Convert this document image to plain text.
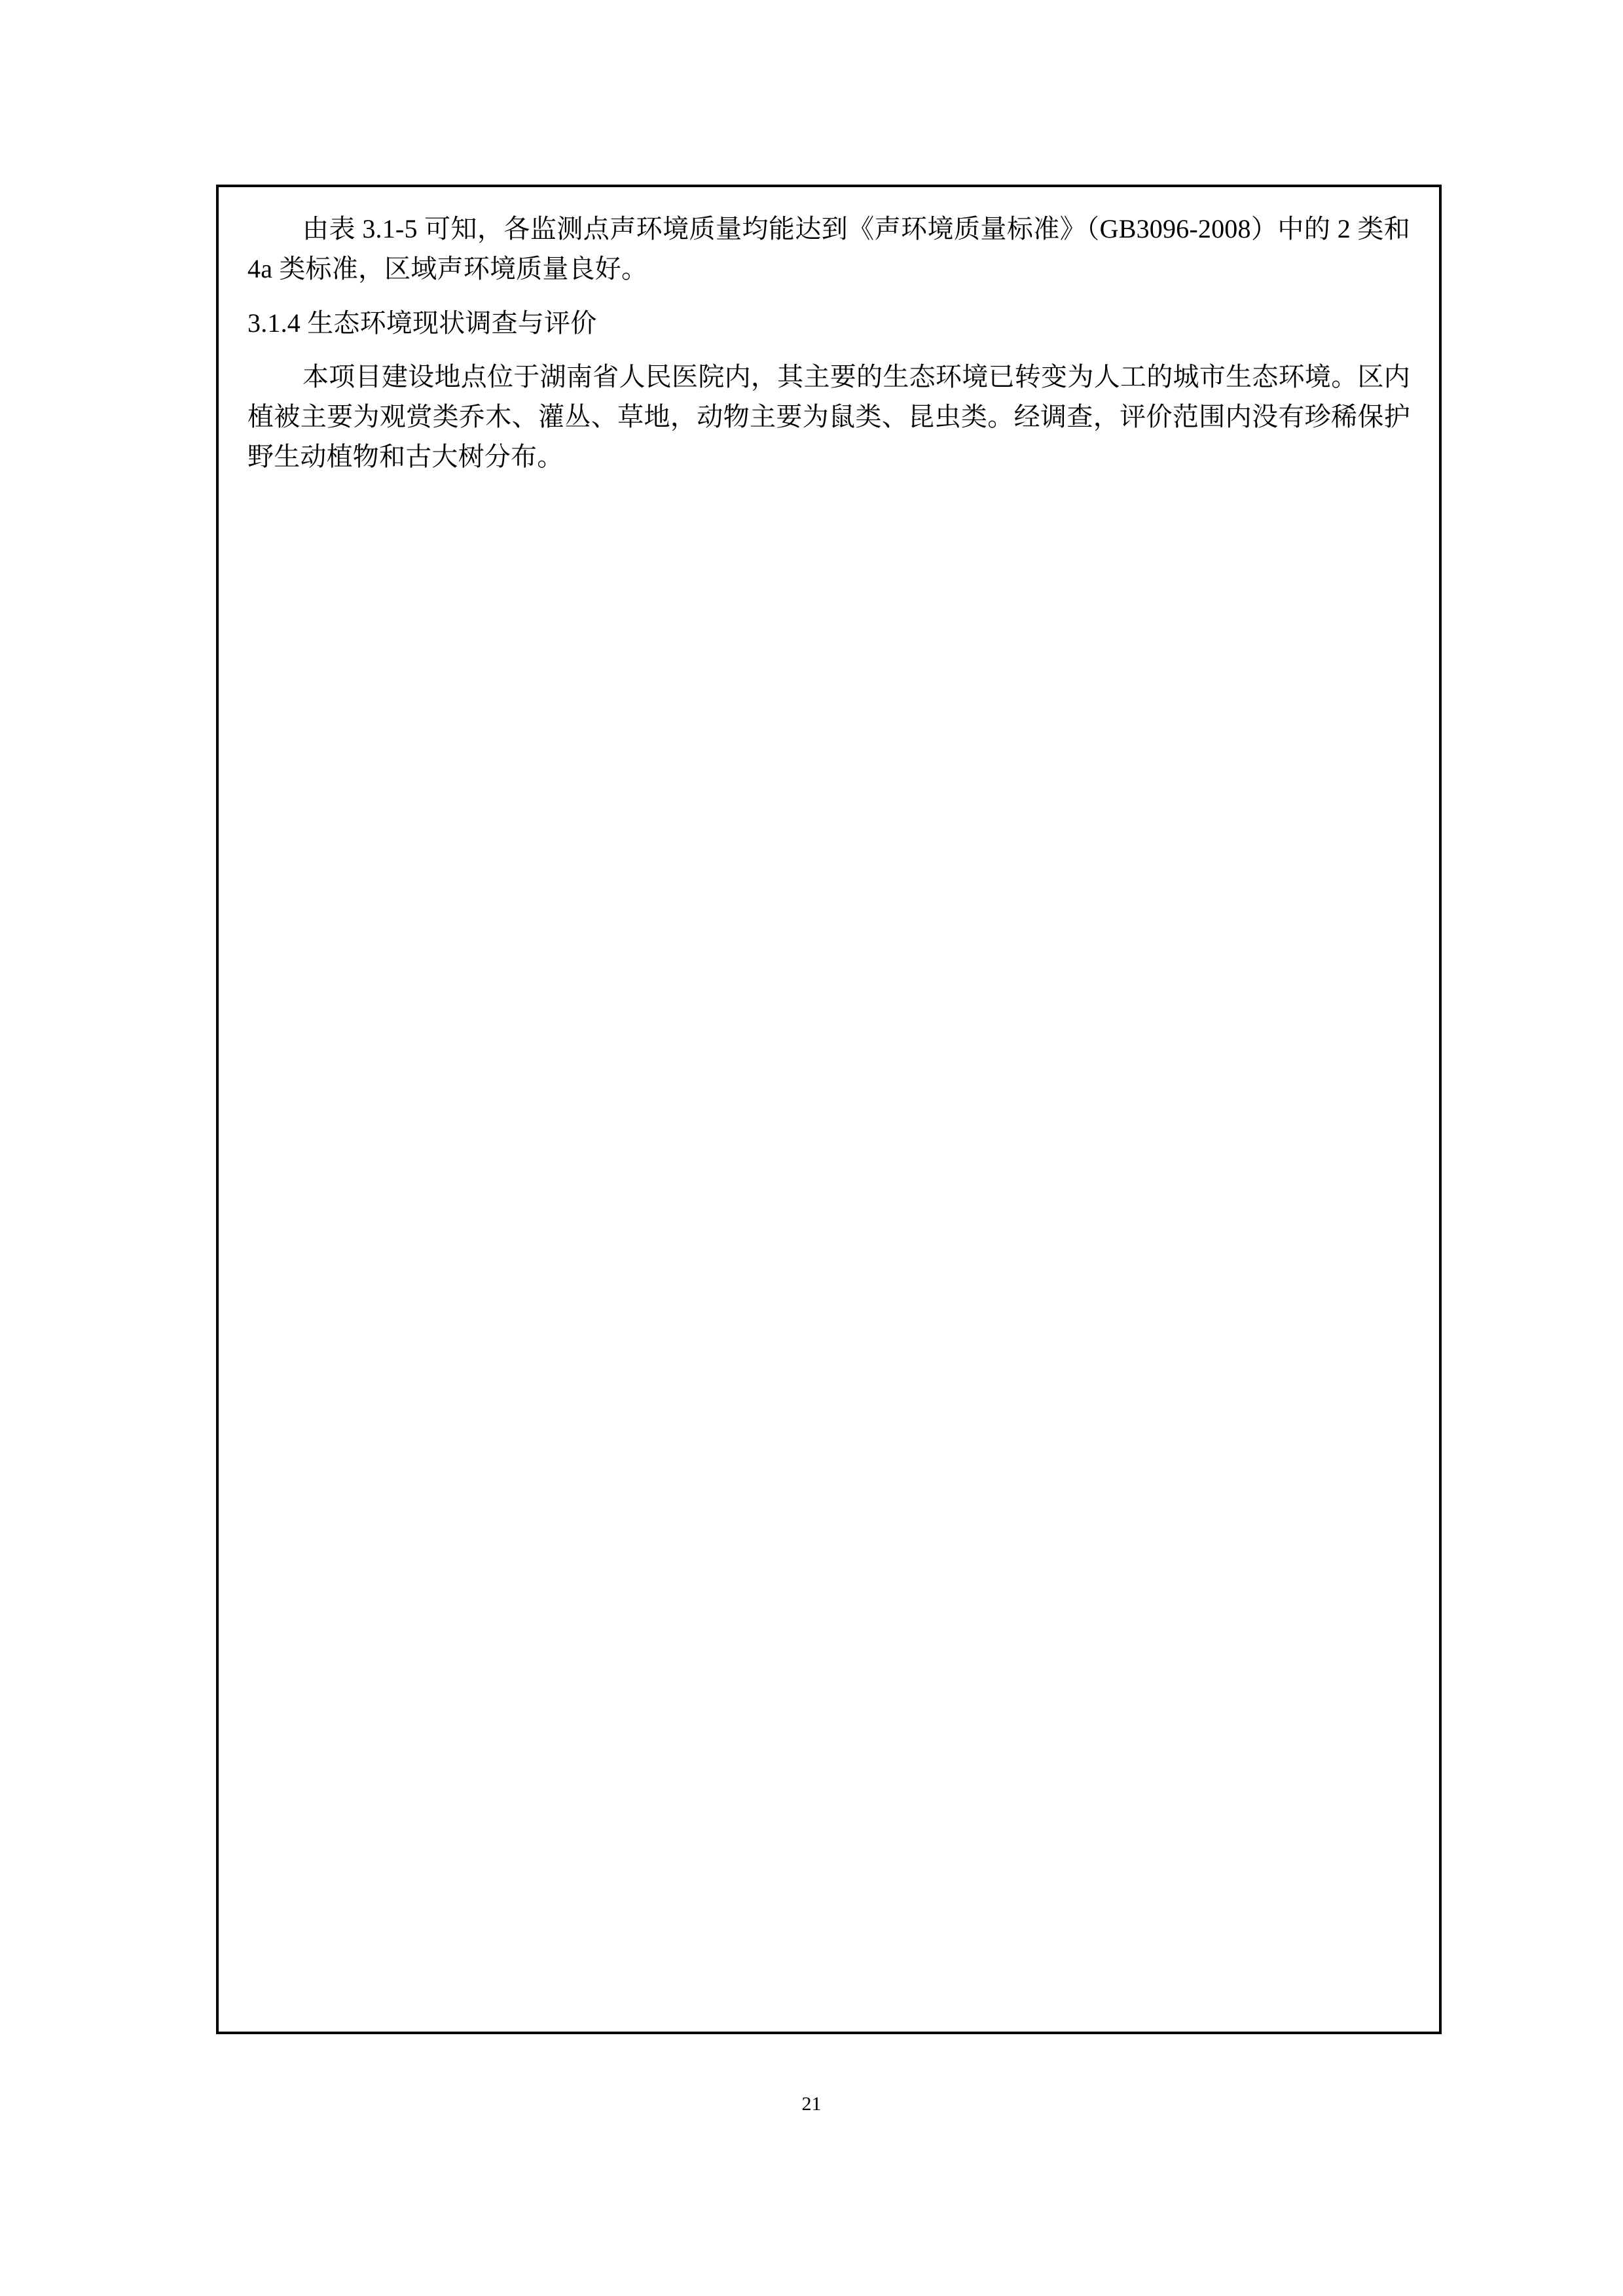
由表 3.1-5 可知，各监测点声环境质量均能达到《声环境质量标准》（GB3096-2008）中的 2 类和 4a 类标准，区域声环境质量良好。

3.1.4 生态环境现状调查与评价

本项目建设地点位于湖南省人民医院内，其主要的生态环境已转变为人工的城市生态环境。区内植被主要为观赏类乔木、灌丛、草地，动物主要为鼠类、昆虫类。经调查，评价范围内没有珍稀保护野生动植物和古大树分布。

21
